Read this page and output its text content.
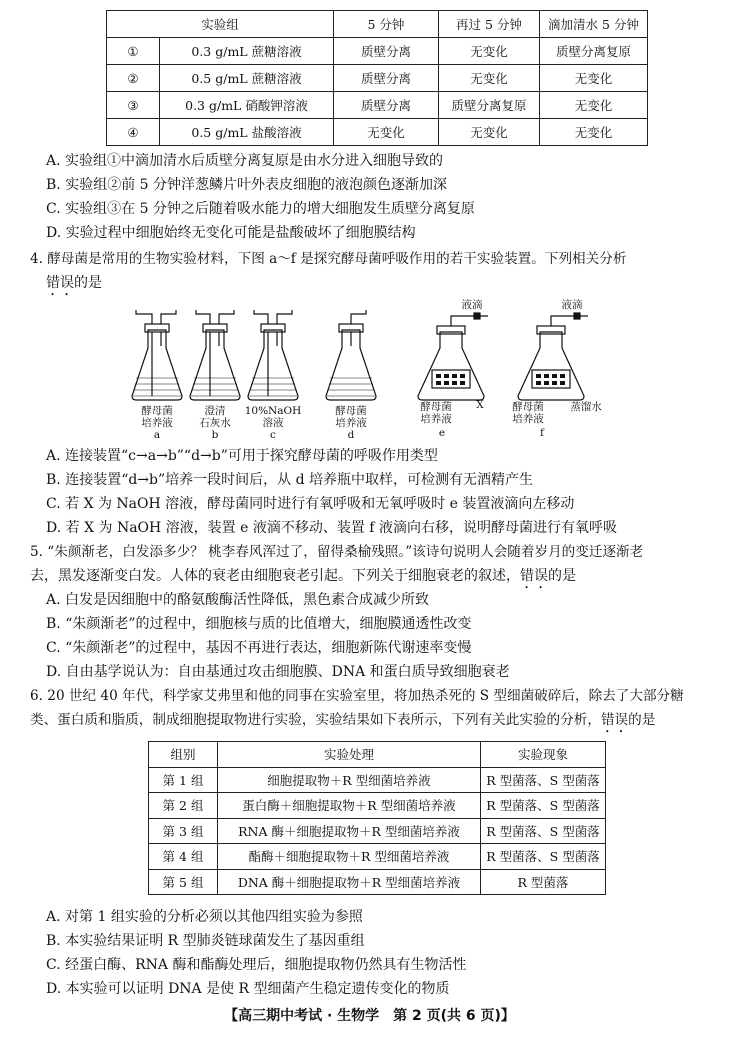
实验组		5 分钟	再过 5 分钟	滴加清水 5 分钟
①	0.3 g/mL 蔗糖溶液	质壁分离	无变化	质壁分离复原
②	0.5 g/mL 蔗糖溶液	质壁分离	无变化	无变化
③	0.3 g/mL 硝酸钾溶液	质壁分离	质壁分离复原	无变化
④	0.5 g/mL 盐酸溶液	无变化	无变化	无变化
A. 实验组①中滴加清水后质壁分离复原是由水分进入细胞导致的
B. 实验组②前 5 分钟洋葱鳞片叶外表皮细胞的液泡颜色逐渐加深
C. 实验组③在 5 分钟之后随着吸水能力的增大细胞发生质壁分离复原
D. 实验过程中细胞始终无变化可能是盐酸破坏了细胞膜结构
4. 酵母菌是常用的生物实验材料，下图 a～f 是探究酵母菌呼吸作用的若干实验装置。下列相关分析
错误的是
酵母菌
培养液
a
澄清
石灰水
b
10%NaOH
溶液
c
酵母菌
培养液
d
液滴
酵母菌
培养液
X
e
液滴
酵母菌
培养液
蒸馏水
f
A. 连接装置“c→a→b”“d→b”可用于探究酵母菌的呼吸作用类型
B. 连接装置“d→b”培养一段时间后，从 d 培养瓶中取样，可检测有无酒精产生
C. 若 X 为 NaOH 溶液，酵母菌同时进行有氧呼吸和无氧呼吸时 e 装置液滴向左移动
D. 若 X 为 NaOH 溶液，装置 e 液滴不移动、装置 f 液滴向右移，说明酵母菌进行有氧呼吸
5. “朱颜渐老，白发添多少？ 桃李春风浑过了，留得桑榆残照。”该诗句说明人会随着岁月的变迁逐渐老
去，黑发逐渐变白发。人体的衰老由细胞衰老引起。下列关于细胞衰老的叙述，错误的是
A. 白发是因细胞中的酪氨酸酶活性降低，黑色素合成减少所致
B. “朱颜渐老”的过程中，细胞核与质的比值增大，细胞膜通透性改变
C. “朱颜渐老”的过程中，基因不再进行表达，细胞新陈代谢速率变慢
D. 自由基学说认为：自由基通过攻击细胞膜、DNA 和蛋白质导致细胞衰老
6. 20 世纪 40 年代，科学家艾弗里和他的同事在实验室里，将加热杀死的 S 型细菌破碎后，除去了大部分糖
类、蛋白质和脂质，制成细胞提取物进行实验，实验结果如下表所示，下列有关此实验的分析，错误的是
组别	实验处理	实验现象
第 1 组	细胞提取物＋R 型细菌培养液	R 型菌落、S 型菌落
第 2 组	蛋白酶＋细胞提取物＋R 型细菌培养液	R 型菌落、S 型菌落
第 3 组	RNA 酶＋细胞提取物＋R 型细菌培养液	R 型菌落、S 型菌落
第 4 组	酯酶＋细胞提取物＋R 型细菌培养液	R 型菌落、S 型菌落
第 5 组	DNA 酶＋细胞提取物＋R 型细菌培养液	R 型菌落
A. 对第 1 组实验的分析必须以其他四组实验为参照
B. 本实验结果证明 R 型肺炎链球菌发生了基因重组
C. 经蛋白酶、RNA 酶和酯酶处理后，细胞提取物仍然具有生物活性
D. 本实验可以证明 DNA 是使 R 型细菌产生稳定遗传变化的物质
【高三期中考试 · 生物学　第 2 页(共 6 页)】
